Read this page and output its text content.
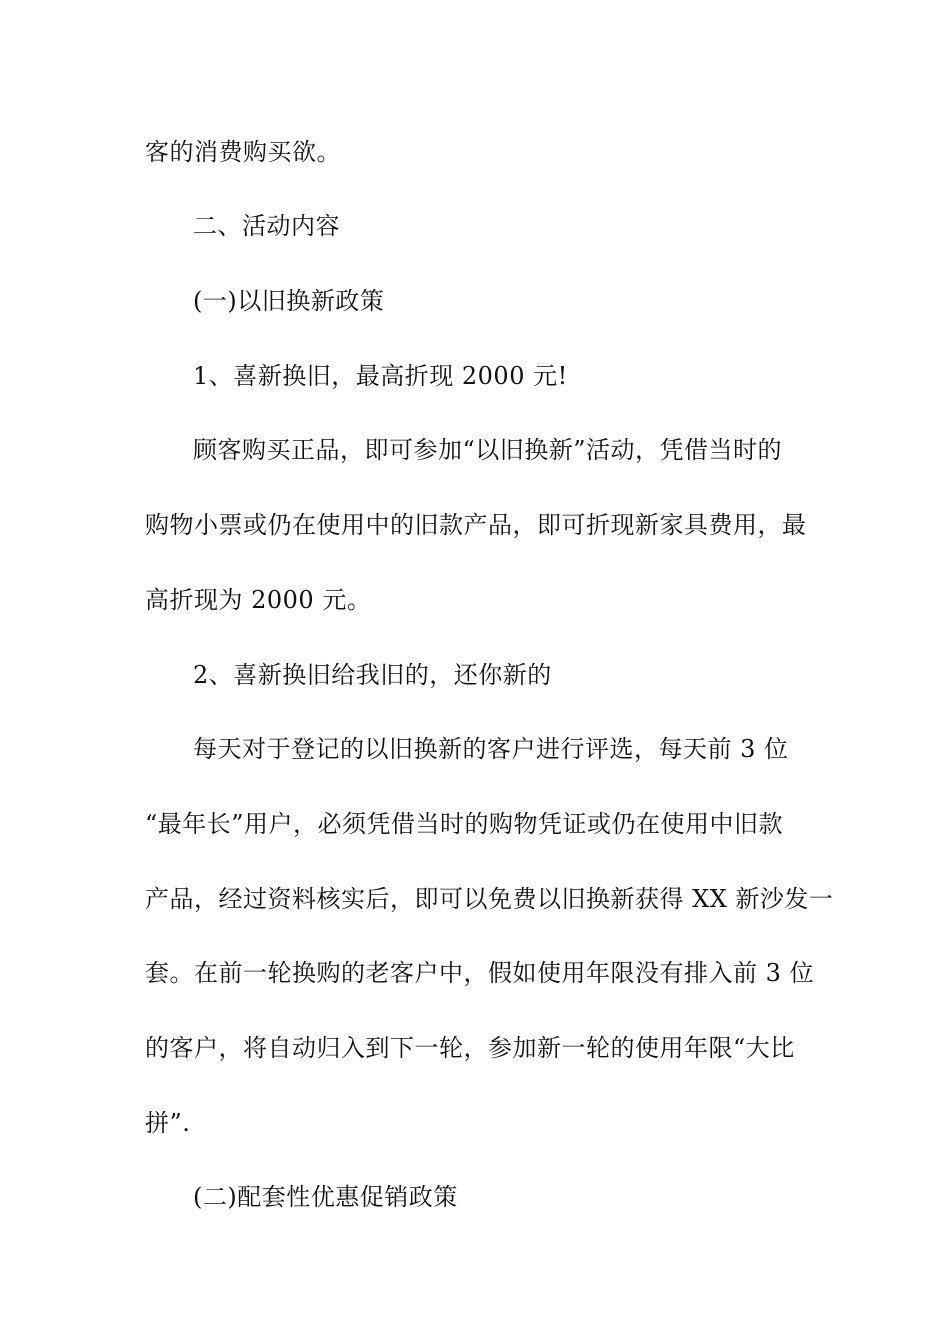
客的消费购买欲。
二、活动内容
(一)以旧换新政策
1、喜新换旧，最高折现 2000 元!
顾客购买正品，即可参加“以旧换新”活动，凭借当时的
购物小票或仍在使用中的旧款产品，即可折现新家具费用，最
高折现为 2000 元。
2、喜新换旧给我旧的，还你新的
每天对于登记的以旧换新的客户进行评选，每天前 3 位
“最年长”用户，必须凭借当时的购物凭证或仍在使用中旧款
产品，经过资料核实后，即可以免费以旧换新获得 XX 新沙发一
套。在前一轮换购的老客户中，假如使用年限没有排入前 3 位
的客户，将自动归入到下一轮，参加新一轮的使用年限“大比
拼”.
(二)配套性优惠促销政策
